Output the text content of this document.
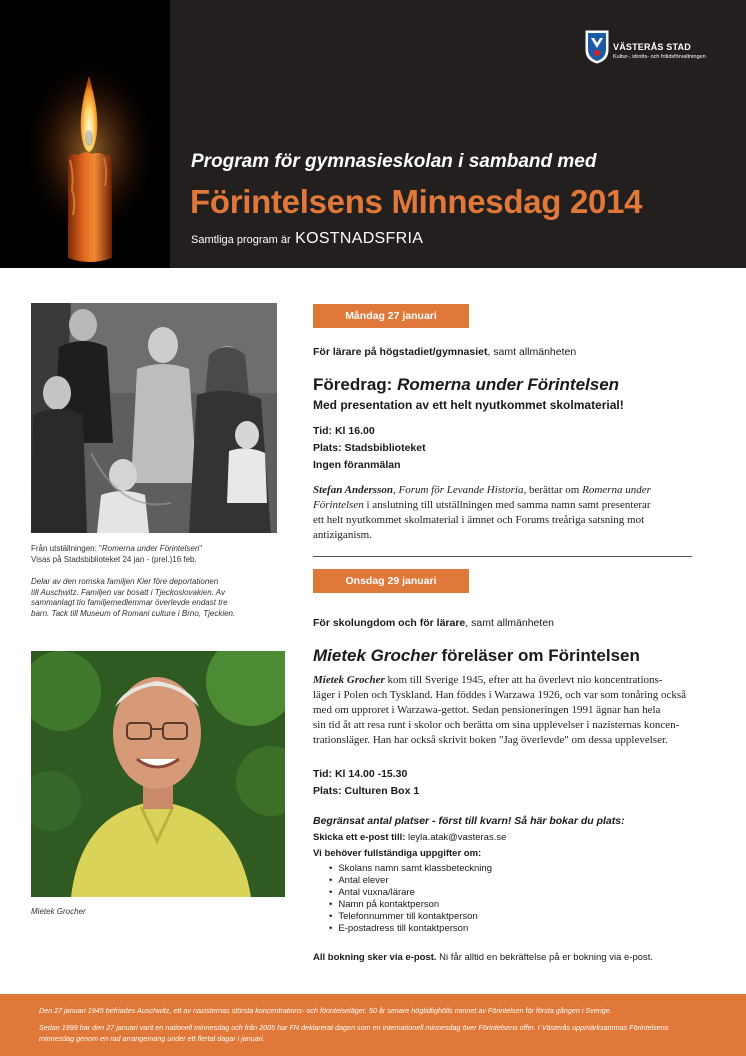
VÄSTERÅS STAD
Kultur-, idrotts- och fritidsförvaltningen
Program för gymnasieskolan i samband med
Förintelsens Minnesdag 2014
Samtliga program är KOSTNADSFRIA
Från utställningen: "Romerna under Förintelsen"
Visas på Stadsbiblioteket 24 jan - (prel.)16 feb.
Delar av den romska familjen Kier före deportationen
till Auschwitz. Familjen var bosatt i Tjeckoslovakien. Av
sammanlagt tio familjemedlemmar överlevde endast tre
barn. Tack till Museum of Romani culture i Brno, Tjeckien.
Mietek Grocher
Måndag 27 januari
För lärare på högstadiet/gymnasiet, samt allmänheten
Föredrag: Romerna under Förintelsen
Med presentation av ett helt nyutkommet skolmaterial!
Tid: Kl 16.00
Plats: Stadsbiblioteket
Ingen föranmälan

Stefan Andersson, Forum för Levande Historia, berättar om Romerna under

Förintelsen i anslutning till utställningen med samma namn samt presenterar

ett helt nyutkommet skolmaterial i ämnet och Forums treåriga satsning mot

antiziganism.

Onsdag 29 januari
För skolungdom och för lärare, samt allmänheten
Mietek Grocher föreläser om Förintelsen

Mietek Grocher kom till Sverige 1945, efter att ha överlevt nio koncentrations-

läger i Polen och Tyskland. Han föddes i Warzawa 1926, och var som tonåring också

med om upproret i Warzawa-gettot. Sedan pensioneringen 1991 ägnar han hela

sin tid åt att resa runt i skolor och berätta om sina upplevelser i nazisternas koncen-

trationsläger. Han har också skrivit boken "Jag överlevde" om dessa upplevelser.

Tid: Kl 14.00 -15.30
Plats: Culturen Box 1
Begränsat antal platser - först till kvarn! Så här bokar du plats:
Skicka ett e-post till: leyla.atak@vasteras.se
Vi behöver fullständiga uppgifter om:
• Skolans namn samt klassbeteckning
• Antal elever
• Antal vuxna/lärare
• Namn på kontaktperson
• Telefonnummer till kontaktperson
• E-postadress till kontaktperson
All bokning sker via e-post. Ni får alltid en bekräftelse på er bokning via e-post.
Den 27 januari 1945 befriades Auschwitz, ett av nazisternas största koncentrations- och förintelseläger. 50 år senare högtidlighölls minnet av Förintelsen för första gången i Sverige.
Sedan 1999 har den 27 januari varit en nationell minnesdag och från 2005 har FN deklarerat dagen som en internationell minnesdag över Förintelsens offer. I Västerås uppmärksammas Förintelsens
minnesdag genom en rad arrangemang under ett flertal dagar i januari.
